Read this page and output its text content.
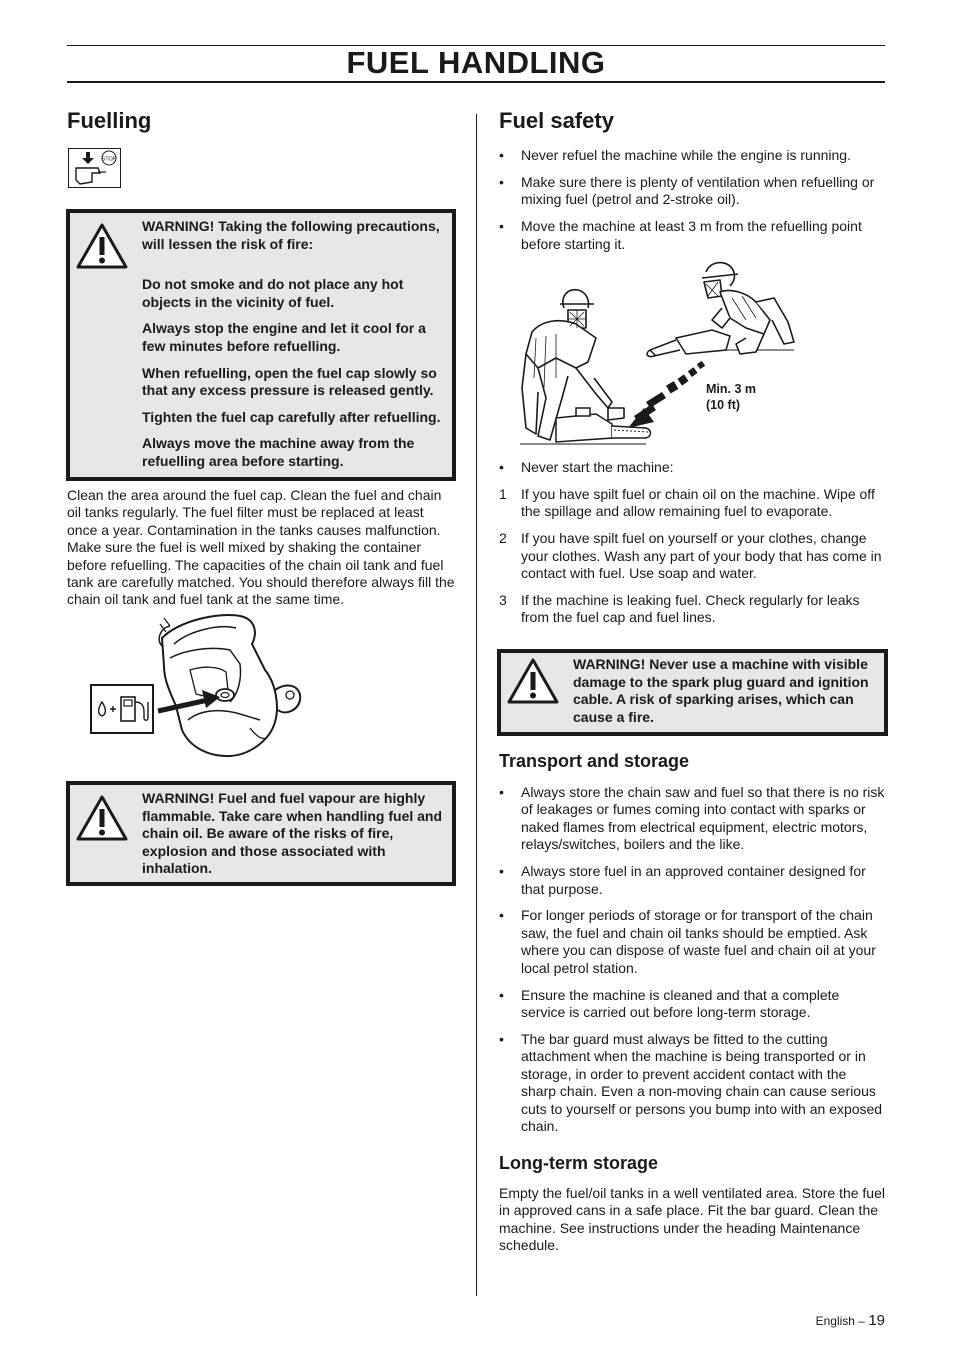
FUEL HANDLING
Fuelling
STOP

WARNING! Taking the following precautions, will lessen the risk of fire:

Do not smoke and do not place any hot objects in the vicinity of fuel.

Always stop the engine and let it cool for a few minutes before refuelling.

When refuelling, open the fuel cap slowly so that any excess pressure is released gently.

Tighten the fuel cap carefully after refuelling.

Always move the machine away from the refuelling area before starting.

Clean the area around the fuel cap. Clean the fuel and chain oil tanks regularly. The fuel filter must be replaced at least once a year. Contamination in the tanks causes malfunction. Make sure the fuel is well mixed by shaking the container before refuelling. The capacities of the chain oil tank and fuel tank are carefully matched. You should therefore always fill the chain oil tank and fuel tank at the same time.

WARNING! Fuel and fuel vapour are highly flammable. Take care when handling fuel and chain oil. Be aware of the risks of fire, explosion and those associated with inhalation.

Fuel safety
• Never refuel the machine while the engine is running.
• Make sure there is plenty of ventilation when refuelling or mixing fuel (petrol and 2-stroke oil).
• Move the machine at least 3 m from the refuelling point before starting it.
Min. 3 m
(10 ft)
• Never start the machine:
1 If you have spilt fuel or chain oil on the machine. Wipe off the spillage and allow remaining fuel to evaporate.
2 If you have spilt fuel on yourself or your clothes, change your clothes. Wash any part of your body that has come in contact with fuel. Use soap and water.
3 If the machine is leaking fuel. Check regularly for leaks from the fuel cap and fuel lines.

WARNING! Never use a machine with visible damage to the spark plug guard and ignition cable. A risk of sparking arises, which can cause a fire.

Transport and storage
• Always store the chain saw and fuel so that there is no risk of leakages or fumes coming into contact with sparks or naked flames from electrical equipment, electric motors, relays/switches, boilers and the like.
• Always store fuel in an approved container designed for that purpose.
• For longer periods of storage or for transport of the chain saw, the fuel and chain oil tanks should be emptied. Ask where you can dispose of waste fuel and chain oil at your local petrol station.
• Ensure the machine is cleaned and that a complete service is carried out before long-term storage.
• The bar guard must always be fitted to the cutting attachment when the machine is being transported or in storage, in order to prevent accident contact with the sharp chain. Even a non-moving chain can cause serious cuts to yourself or persons you bump into with an exposed chain.
Long-term storage

Empty the fuel/oil tanks in a well ventilated area. Store the fuel in approved cans in a safe place. Fit the bar guard. Clean the machine. See instructions under the heading Maintenance schedule.

English – 19
